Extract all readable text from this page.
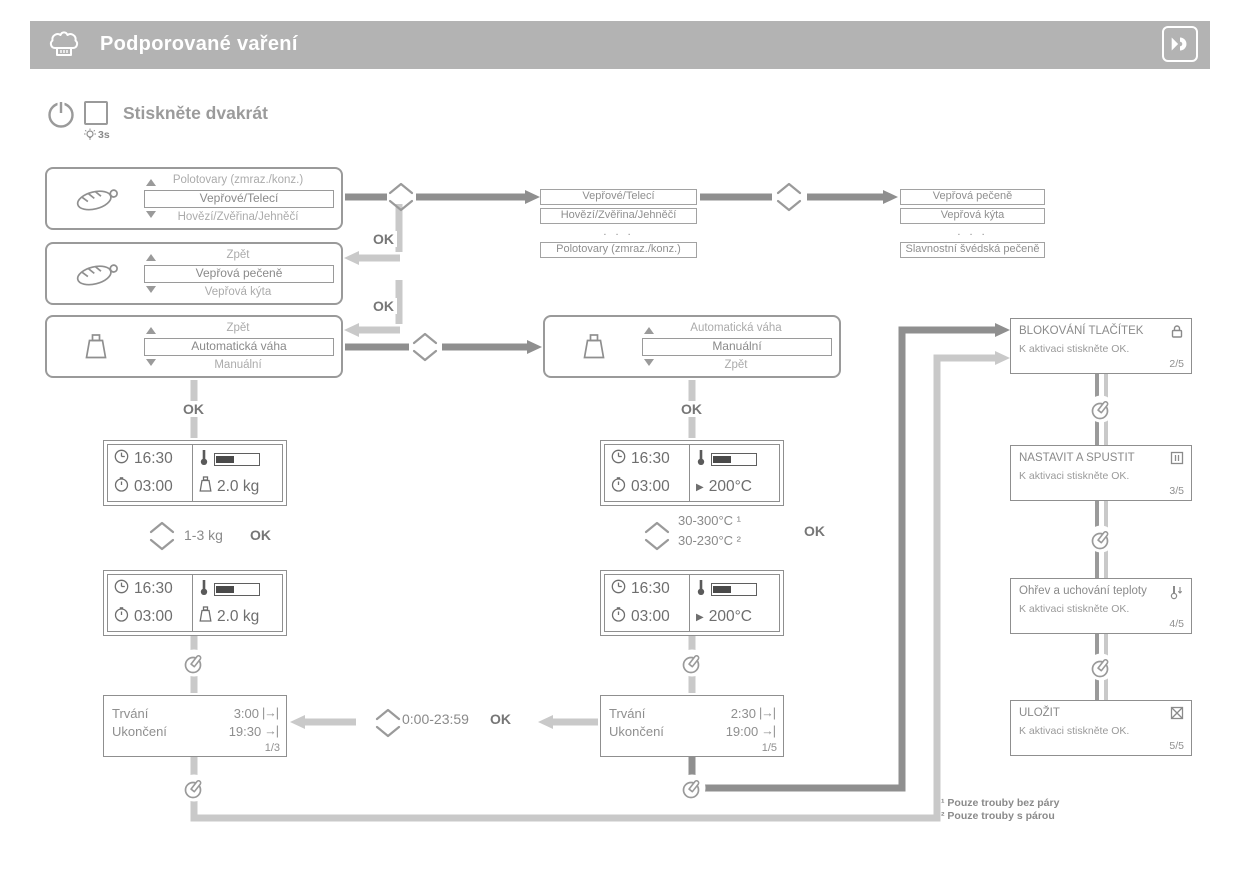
Podporované vaření
Stiskněte dvakrát
3s
Polotovary (zmraz./konz.)
Vepřové/Telecí
Hovězí/Zvěřina/Jehněčí
Zpět
Vepřová pečeně
Vepřová kýta
Zpět
Automatická váha
Manuální
Automatická váha
Manuální
Zpět
Vepřové/Telecí
Hovězí/Zvěřina/Jehněčí
. . .
Polotovary (zmraz./konz.)
Vepřová pečeně
Vepřová kýta
. . .
Slavnostní švédská pečeně
OK
OK
OK	OK
OK	OK
OK
1-3 kg
30-300°C ¹
30-230°C ²
0:00-23:59
16:30
03:00	2.0 kg
16:30
03:00	2.0 kg
16:30
03:00	▶ 200°C
16:30
03:00	▶ 200°C
Trvání	3:00 |→|
Ukončení	19:30 →|
1/3
Trvání	2:30 |→|
Ukončení	19:00 →|
1/5
BLOKOVÁNÍ TLAČÍTEK
K aktivaci stiskněte OK.
2/5
NASTAVIT A SPUSTIT
K aktivaci stiskněte OK.
3/5
Ohřev a uchování teploty
K aktivaci stiskněte OK.
4/5
ULOŽIT
K aktivaci stiskněte OK.
5/5
¹ Pouze trouby bez páry
² Pouze trouby s párou
